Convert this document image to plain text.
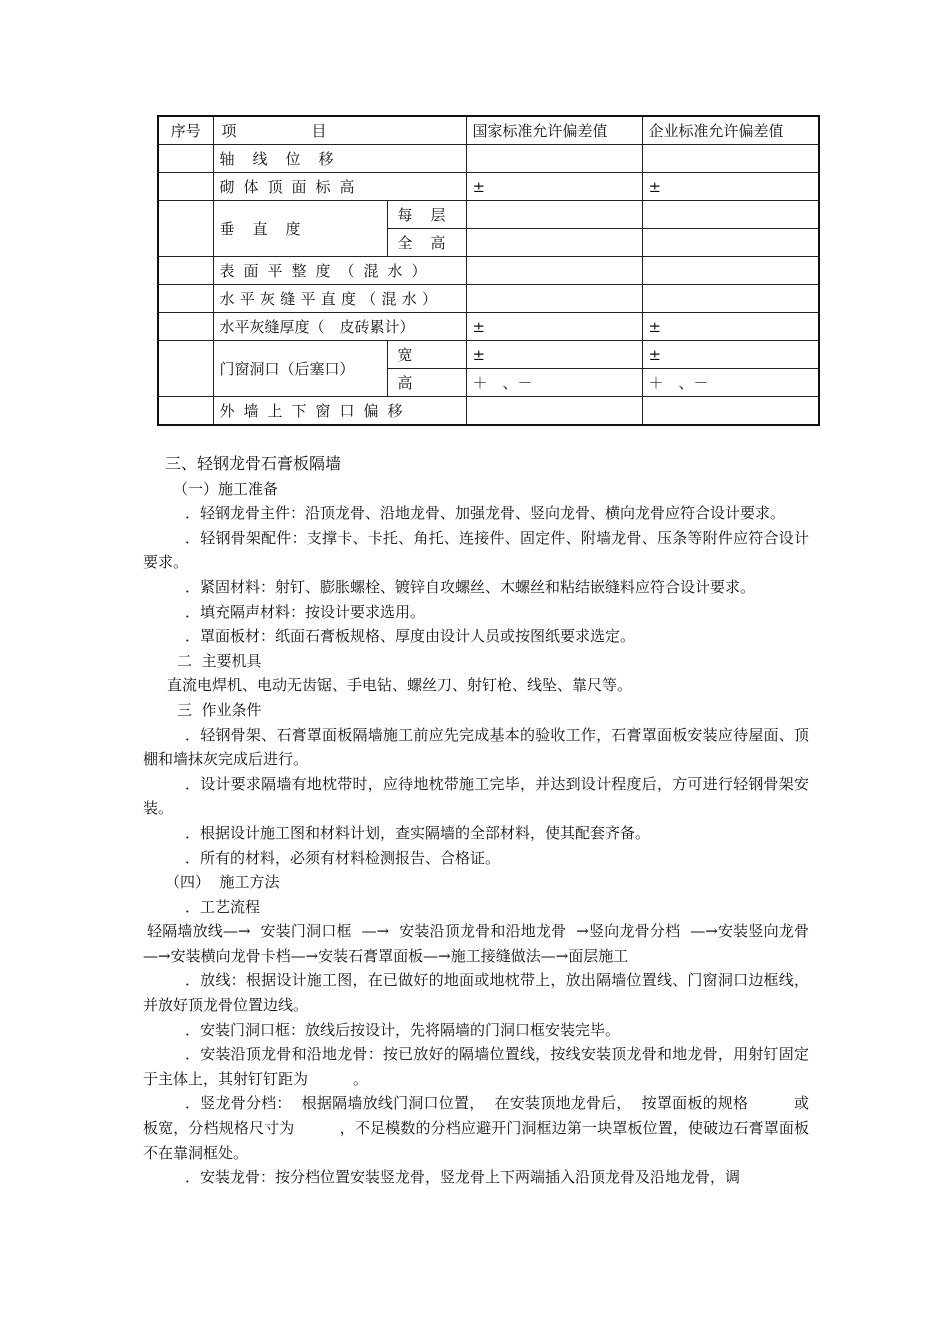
序号	项　　　　　目		国家标准允许偏差值	企业标准允许偏差值
	轴线位移			
	砌体顶面标高		±	±
	垂直度	每层		
		全高		
	表面平整度（混水）			
	水平灰缝平直度（混水）			
	水平灰缝厚度（　皮砖累计）		±	±
	门窗洞口（后塞口）	宽	±	±
		高	＋　、－	＋　、－
	外墙上下窗口偏移			

三、轻钢龙骨石膏板隔墙

（一）施工准备

．轻钢龙骨主件：沿顶龙骨、沿地龙骨、加强龙骨、竖向龙骨、横向龙骨应符合设计要求。

．轻钢骨架配件：支撑卡、卡托、角托、连接件、固定件、附墙龙骨、压条等附件应符合设计要求。

．紧固材料：射钉、膨胀螺栓、镀锌自攻螺丝、木螺丝和粘结嵌缝料应符合设计要求。

．填充隔声材料：按设计要求选用。

．罩面板材：纸面石膏板规格、厚度由设计人员或按图纸要求选定。

二  主要机具

直流电焊机、电动无齿锯、手电钻、螺丝刀、射钉枪、线坠、靠尺等。

三  作业条件

．轻钢骨架、石膏罩面板隔墙施工前应先完成基本的验收工作，石膏罩面板安装应待屋面、顶棚和墙抹灰完成后进行。

．设计要求隔墙有地枕带时，应待地枕带施工完毕，并达到设计程度后，方可进行轻钢骨架安装。

．根据设计施工图和材料计划，查实隔墙的全部材料，使其配套齐备。

．所有的材料，必须有材料检测报告、合格证。

（四）  施工方法

．工艺流程

轻隔墙放线—→  安装门洞口框  —→  安装沿顶龙骨和沿地龙骨  →竖向龙骨分档  —→安装竖向龙骨—→安装横向龙骨卡档—→安装石膏罩面板—→施工接缝做法—→面层施工

．放线：根据设计施工图，在已做好的地面或地枕带上，放出隔墙位置线、门窗洞口边框线，并放好顶龙骨位置边线。

．安装门洞口框：放线后按设计，先将隔墙的门洞口框安装完毕。

．安装沿顶龙骨和沿地龙骨：按已放好的隔墙位置线，按线安装顶龙骨和地龙骨，用射钉固定于主体上，其射钉钉距为　　　。

．竖龙骨分档：  根据隔墙放线门洞口位置，  在安装顶地龙骨后，  按罩面板的规格　　　或　　　　板宽，分档规格尺寸为　　　，不足模数的分档应避开门洞框边第一块罩板位置，使破边石膏罩面板不在靠洞框处。

．安装龙骨：按分档位置安装竖龙骨，竖龙骨上下两端插入沿顶龙骨及沿地龙骨，调
